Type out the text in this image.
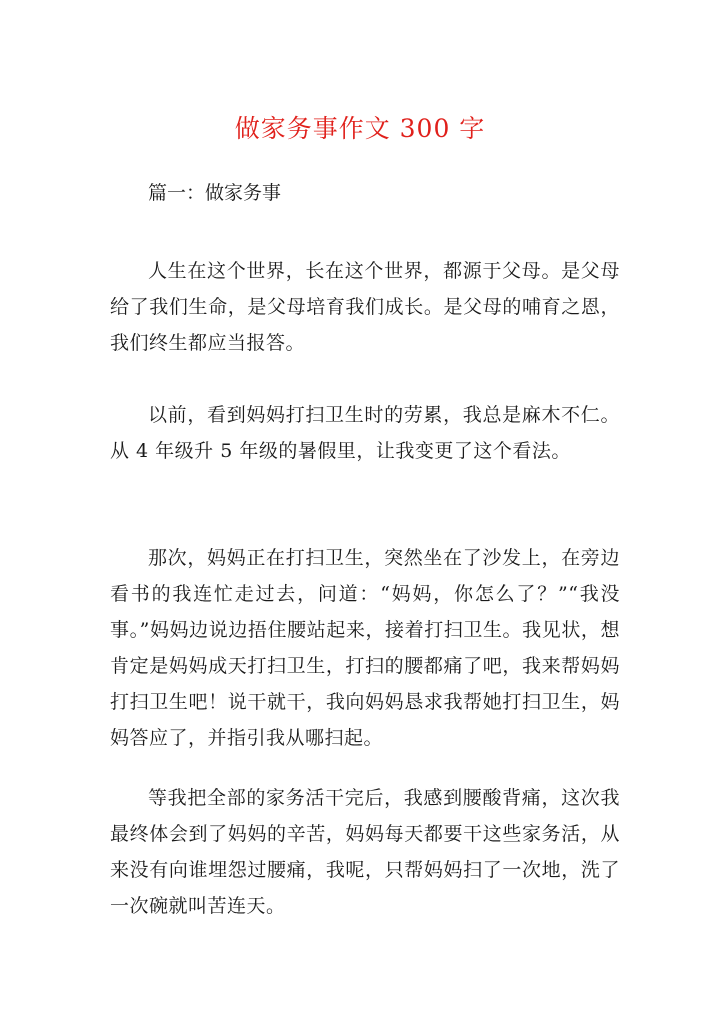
做家务事作文 300 字

篇一：做家务事

人生在这个世界，长在这个世界，都源于父母。是父母给了我们生命，是父母培育我们成长。是父母的哺育之恩，我们终生都应当报答。

以前，看到妈妈打扫卫生时的劳累，我总是麻木不仁。从 4 年级升 5 年级的暑假里，让我变更了这个看法。

那次，妈妈正在打扫卫生，突然坐在了沙发上，在旁边看书的我连忙走过去，问道：“妈妈，你怎么了？”“我没事。”妈妈边说边捂住腰站起来，接着打扫卫生。我见状，想肯定是妈妈成天打扫卫生，打扫的腰都痛了吧，我来帮妈妈打扫卫生吧！说干就干，我向妈妈恳求我帮她打扫卫生，妈妈答应了，并指引我从哪扫起。

等我把全部的家务活干完后，我感到腰酸背痛，这次我最终体会到了妈妈的辛苦，妈妈每天都要干这些家务活，从来没有向谁埋怨过腰痛，我呢，只帮妈妈扫了一次地，洗了一次碗就叫苦连天。
